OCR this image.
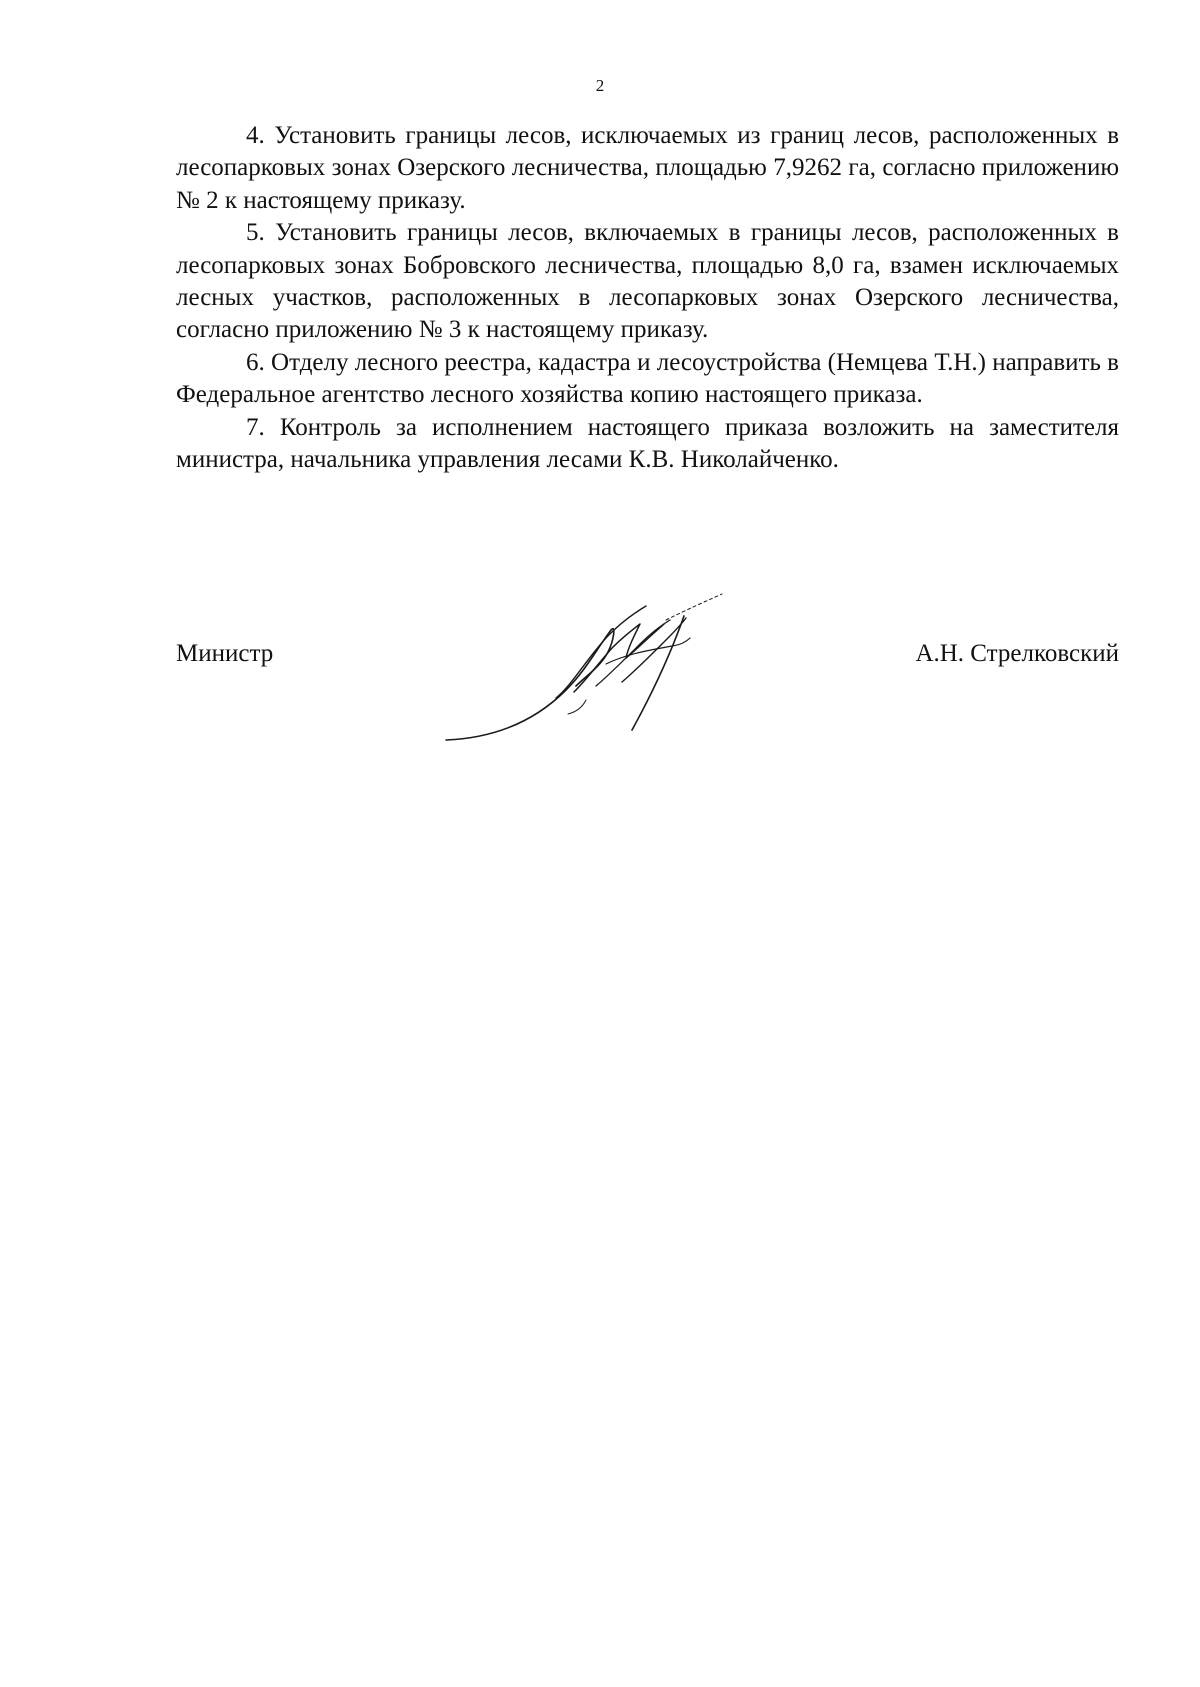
2

4. Установить границы лесов, исключаемых из границ лесов, расположенных в лесопарковых зонах Озерского лесничества, площадью 7,9262 га, согласно приложению № 2 к настоящему приказу.

5. Установить границы лесов, включаемых в границы лесов, расположенных в лесопарковых зонах Бобровского лесничества, площадью 8,0 га, взамен исключаемых лесных участков, расположенных в лесопарковых зонах Озерского лесничества, согласно приложению № 3 к настоящему приказу.

6. Отделу лесного реестра, кадастра и лесоустройства (Немцева Т.Н.) направить в Федеральное агентство лесного хозяйства копию настоящего приказа.

7. Контроль за исполнением настоящего приказа возложить на заместителя министра, начальника управления лесами К.В. Николайченко.

Министр	А.Н. Стрелковский
